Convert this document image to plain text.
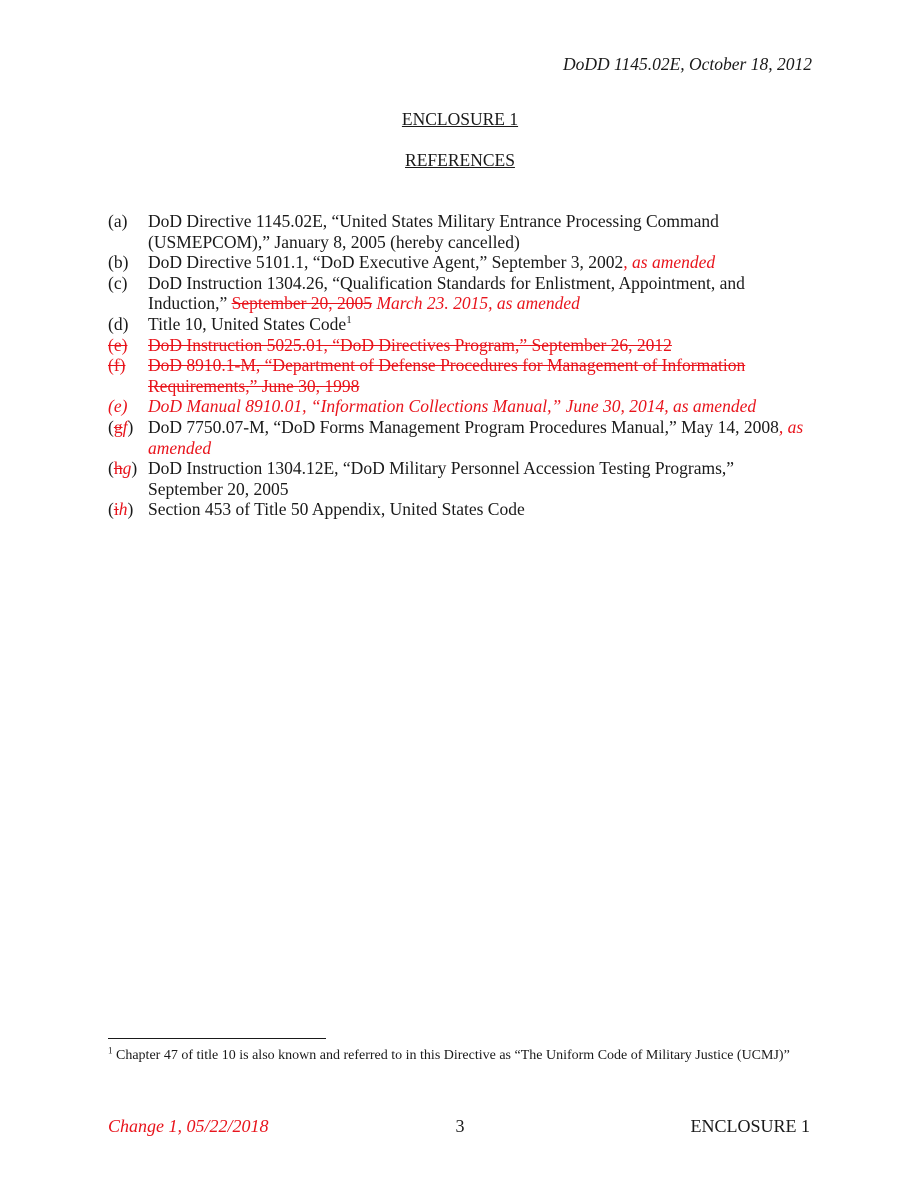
DoDD 1145.02E, October 18, 2012
ENCLOSURE 1
REFERENCES
(a)	DoD Directive 1145.02E, “United States Military Entrance Processing Command (USMEPCOM),” January 8, 2005 (hereby cancelled)
(b)	DoD Directive 5101.1, “DoD Executive Agent,” September 3, 2002, as amended
(c)	DoD Instruction 1304.26, “Qualification Standards for Enlistment, Appointment, and Induction,” September 20, 2005 March 23. 2015, as amended
(d)	Title 10, United States Code$^1$
(e)	DoD Instruction 5025.01, “DoD Directives Program,” September 26, 2012
(f)	DoD 8910.1-M, “Department of Defense Procedures for Management of Information Requirements,” June 30, 1998
(e)	DoD Manual 8910.01, “Information Collections Manual,” June 30, 2014, as amended
(gf) DoD 7750.07-M, “DoD Forms Management Program Procedures Manual,” May 14, 2008, as amended
(hg) DoD Instruction 1304.12E, “DoD Military Personnel Accession Testing Programs,” September 20, 2005
(ih) Section 453 of Title 50 Appendix, United States Code
$^1$ Chapter 47 of title 10 is also known and referred to in this Directive as “The Uniform Code of Military Justice (UCMJ)”
Change 1, 05/22/2018	3	ENCLOSURE 1
